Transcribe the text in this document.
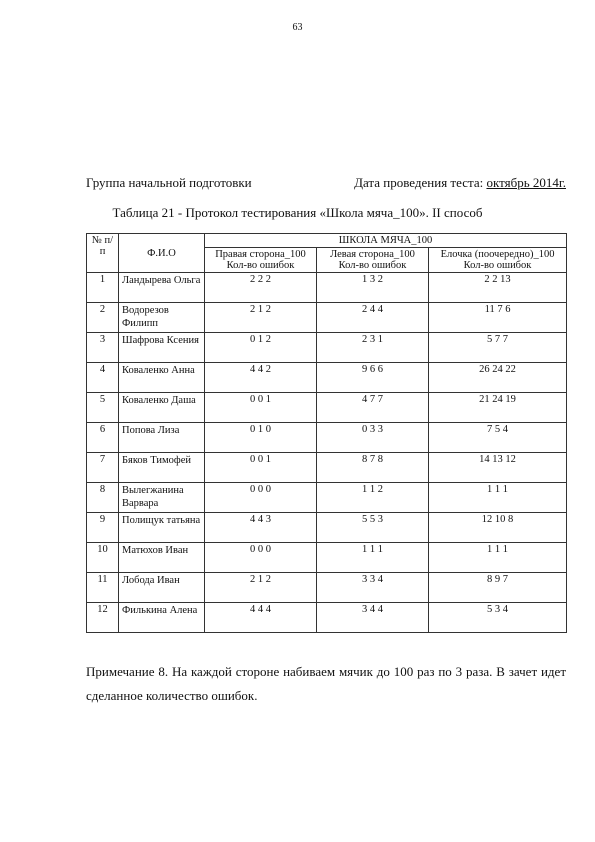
63
Группа начальной подготовки	Дата проведения теста: октябрь 2014г.
Таблица 21 - Протокол тестирования «Школа мяча_100». II способ
№ п/п	Ф.И.О	ШКОЛА МЯЧА_100		
		Правая сторона_100 Кол-во ошибок	Левая сторона_100 Кол-во ошибок	Елочка (поочередно)_100 Кол-во ошибок
1	Ландырева Ольга	2 2 2	1 3 2	2 2 13
2	Водорезов Филипп	2 1 2	2 4 4	11 7 6
3	Шафрова Ксения	0 1 2	2 3 1	5 7 7
4	Коваленко Анна	4 4 2	9 6 6	26 24 22
5	Коваленко Даша	0 0 1	4 7 7	21 24 19
6	Попова Лиза	0 1 0	0 3 3	7 5 4
7	Бяков Тимофей	0 0 1	8 7 8	14 13 12
8	Вылегжанина Варвара	0 0 0	1 1 2	1 1 1
9	Полищук татьяна	4 4 3	5 5 3	12 10 8
10	Матюхов Иван	0 0 0	1 1 1	1 1 1
11	Лобода Иван	2 1 2	3 3 4	8 9 7
12	Филькина Алена	4 4 4	3 4 4	5 3 4
Примечание 8. На каждой стороне набиваем мячик до 100 раз по 3 раза. В зачет идет сделанное количество ошибок.
